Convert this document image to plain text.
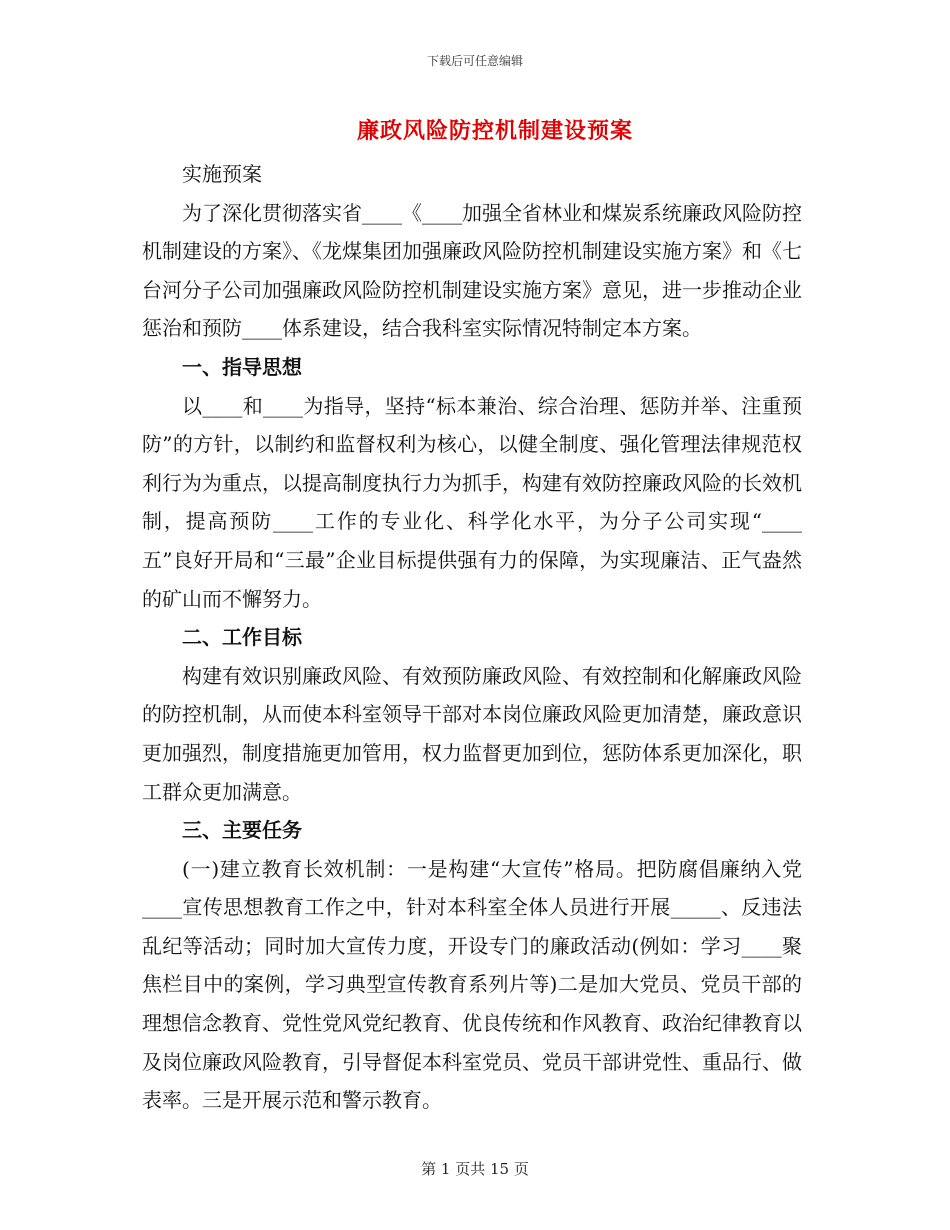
下载后可任意编辑
廉政风险防控机制建设预案

实施预案

为了深化贯彻落实省____《____加强全省林业和煤炭系统廉政风险防控机制建设的方案》、《龙煤集团加强廉政风险防控机制建设实施方案》和《七台河分子公司加强廉政风险防控机制建设实施方案》意见，进一步推动企业惩治和预防____体系建设，结合我科室实际情况特制定本方案。

一、指导思想

以____和____为指导，坚持“标本兼治、综合治理、惩防并举、注重预防”的方针，以制约和监督权利为核心，以健全制度、强化管理法律规范权利行为为重点，以提高制度执行力为抓手，构建有效防控廉政风险的长效机制，提高预防____工作的专业化、科学化水平，为分子公司实现“____五”良好开局和“三最”企业目标提供强有力的保障，为实现廉洁、正气盎然的矿山而不懈努力。

二、工作目标

构建有效识别廉政风险、有效预防廉政风险、有效控制和化解廉政风险的防控机制，从而使本科室领导干部对本岗位廉政风险更加清楚，廉政意识更加强烈，制度措施更加管用，权力监督更加到位，惩防体系更加深化，职工群众更加满意。

三、主要任务

(一)建立教育长效机制：一是构建“大宣传”格局。把防腐倡廉纳入党____宣传思想教育工作之中，针对本科室全体人员进行开展_____、反违法乱纪等活动；同时加大宣传力度，开设专门的廉政活动(例如：学习____聚焦栏目中的案例，学习典型宣传教育系列片等)二是加大党员、党员干部的理想信念教育、党性党风党纪教育、优良传统和作风教育、政治纪律教育以及岗位廉政风险教育，引导督促本科室党员、党员干部讲党性、重品行、做表率。三是开展示范和警示教育。

第 1 页共 15 页
